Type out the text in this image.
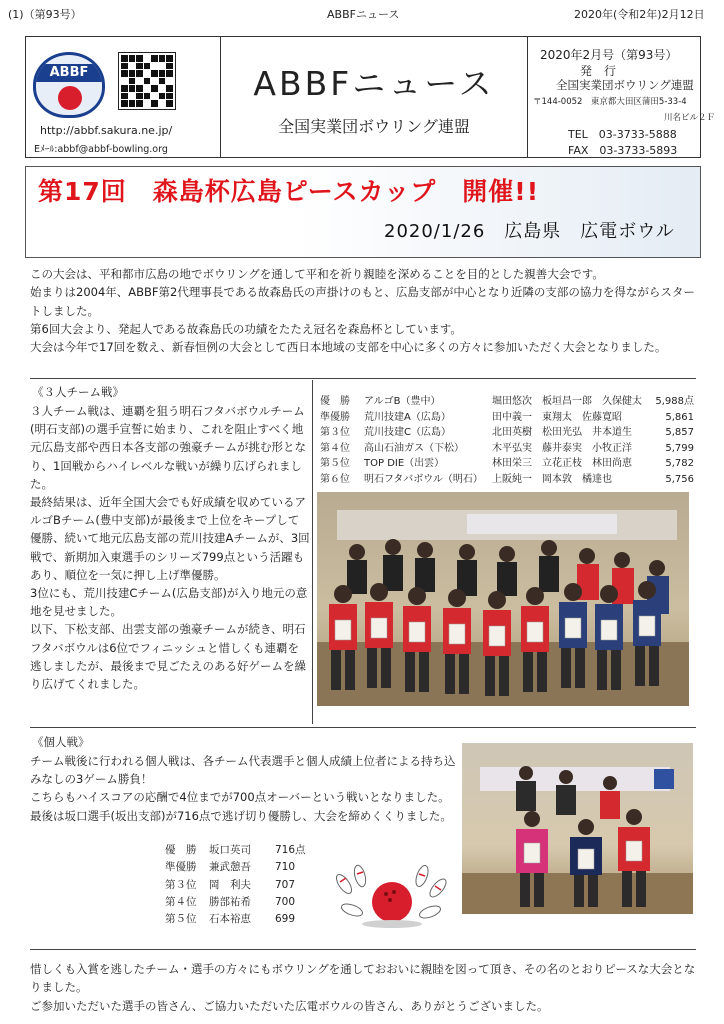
(1)（第93号）	ABBFニュース	2020年(令和2年)2月12日
ABBF
http://abbf.sakura.ne.jp/
Eﾒｰﾙ:abbf@abbf-bowling.org
ABBFニュース
全国実業団ボウリング連盟
2020年2月号（第93号）
発　行
全国実業団ボウリング連盟
〒144-0052　東京都大田区蒲田5-33-4
川名ビル２Ｆ
TEL　03-3733-5888
FAX　03-3733-5893
第17回　森島杯広島ピースカップ　開催!!
2020/1/26　広島県　広電ボウル

この大会は、平和都市広島の地でボウリングを通して平和を祈り親睦を深めることを目的とした親善大会です。

始まりは2004年、ABBF第2代理事長である故森島氏の声掛けのもと、広島支部が中心となり近隣の支部の協力を得ながらスタートしました。

第6回大会より、発起人である故森島氏の功績をたたえ冠名を森島杯としています。

大会は今年で17回を数え、新春恒例の大会として西日本地域の支部を中心に多くの方々に参加いただく大会となりました。

《３人チーム戦》

３人チーム戦は、連覇を狙う明石フタバボウルチーム(明石支部)の選手宣誓に始まり、これを阻止すべく地元広島支部や西日本各支部の強豪チームが挑む形となり、1回戦からハイレベルな戦いが繰り広げられました。

最終結果は、近年全国大会でも好成績を収めているアルゴBチーム(豊中支部)が最後まで上位をキープして優勝、続いて地元広島支部の荒川技建Aチームが、3回戦で、新期加入東選手のシリーズ799点という活躍もあり、順位を一気に押し上げ準優勝。

3位にも、荒川技建Cチーム(広島支部)が入り地元の意地を見せました。

以下、下松支部、出雲支部の強豪チームが続き、明石フタバボウルは6位でフィニッシュと惜しくも連覇を逃しましたが、最後まで見ごたえのある好ゲームを繰り広げてくれました。

優　勝	アルゴB（豊中）	堀田悠次　板垣昌一郎　久保健太	5,988点
準優勝	荒川技建A（広島）	田中義一　東翔太　佐藤寛昭	5,861
第３位	荒川技建C（広島）	北田英樹　松田光弘　井本道生	5,857
第４位	高山石油ガス（下松）	木平弘実　藤井泰実　小牧正洋	5,799
第５位	TOP DIE（出雲）	林田栄三　立花正枝　林田尚恵	5,782
第６位	明石フタバボウル（明石） 上阪純一　岡本敦　橘達也	5,756
《個人戦》

チーム戦後に行われる個人戦は、各チーム代表選手と個人成績上位者による持ち込みなしの3ゲーム勝負！

こちらもハイスコアの応酬で4位までが700点オーバーという戦いとなりました。

最後は坂口選手(坂出支部)が716点で逃げ切り優勝し、大会を締めくくりました。

優　勝	坂口英司	716点
準優勝	兼武憩吾	710
第３位	岡　利夫	707
第４位	勝部祐希	700
第５位	石本裕恵	699

惜しくも入賞を逃したチーム・選手の方々にもボウリングを通しておおいに親睦を図って頂き、その名のとおりピースな大会となりました。

ご参加いただいた選手の皆さん、ご協力いただいた広電ボウルの皆さん、ありがとうございました。
